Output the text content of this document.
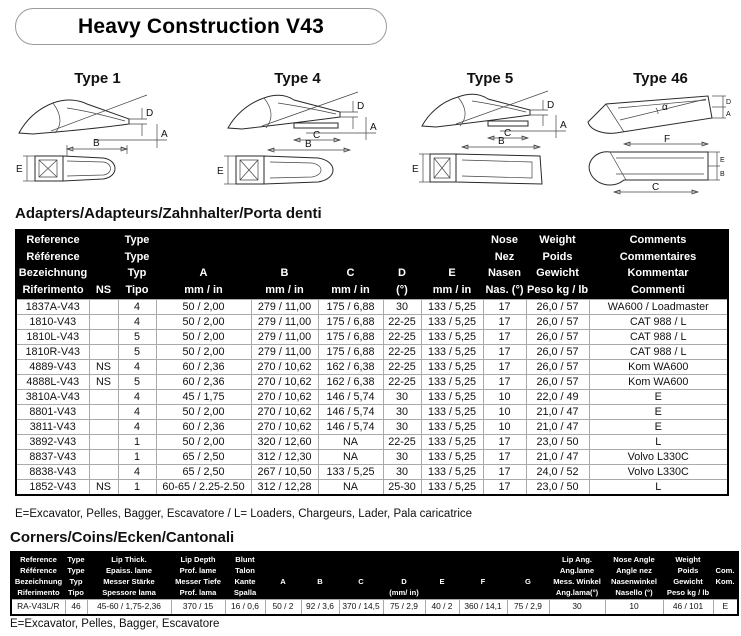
Heavy Construction V43
Type 1
D
A
B
E
Type 4
D
A
C
B
E
Type 5
D
A
C
B
E
Type 46
α	D
A
F
E
B
C
Adapters/Adapteurs/Zahnhalter/Porta denti
Reference
Référence
Bezeichnung
Riferimento	NS

Type
Type
Typ
Tipo

A
mm / in

B
mm / in

C
mm / in

D
(°)

E
mm / in

Nose
Nez
Nasen
Nas. (°)

Weight
Poids
Gewicht
Peso kg / lb

Comments
Commentaires
Kommentar
Commenti

1837A-V43		4	50 / 2,00	279 / 11,00	175 / 6,88	30	133 / 5,25	17	26,0 / 57	WA600 / Loadmaster
1810-V43		4	50 / 2,00	279 / 11,00	175 / 6,88	22-25	133 / 5,25	17	26,0 / 57	CAT 988 / L
1810L-V43		5	50 / 2,00	279 / 11,00	175 / 6,88	22-25	133 / 5,25	17	26,0 / 57	CAT 988 / L
1810R-V43		5	50 / 2,00	279 / 11,00	175 / 6,88	22-25	133 / 5,25	17	26,0 / 57	CAT 988 / L
4889-V43	NS	4	60 / 2,36	270 / 10,62	162 / 6,38	22-25	133 / 5,25	17	26,0 / 57	Kom WA600
4888L-V43	NS	5	60 / 2,36	270 / 10,62	162 / 6,38	22-25	133 / 5,25	17	26,0 / 57	Kom WA600
3810A-V43		4	45 / 1,75	270 / 10,62	146 / 5,74	30	133 / 5,25	10	22,0 / 49	E
8801-V43		4	50 / 2,00	270 / 10,62	146 / 5,74	30	133 / 5,25	10	21,0 / 47	E
3811-V43		4	60 / 2,36	270 / 10,62	146 / 5,74	30	133 / 5,25	10	21,0 / 47	E
3892-V43		1	50 / 2,00	320 / 12,60	NA	22-25	133 / 5,25	17	23,0 / 50	L
8837-V43		1	65 / 2,50	312 / 12,30	NA	30	133 / 5,25	17	21,0 / 47	Volvo L330C
8838-V43		4	65 / 2,50	267 / 10,50	133 / 5,25	30	133 / 5,25	17	24,0 / 52	Volvo L330C
1852-V43	NS	1	60-65 / 2.25-2.50	312 / 12,28	NA	25-30	133 / 5,25	17	23,0 / 50	L
E=Excavator, Pelles, Bagger, Escavatore / L= Loaders, Chargeurs, Lader, Pala caricatrice
Corners/Coins/Ecken/Cantonali
Reference
Référence
Bezeichnung
Riferimento

Type
Type
Typ
Tipo

Lip Thick.
Epaiss. lame
Messer Stärke
Spessore lama

Lip Depth
Prof. lame
Messer Tiefe
Prof. lama

Blunt
Talon
Kante
Spalla

A	B	C	D
(mm/ in)

E	F	G

Lip Ang.
Ang.lame
Mess. Winkel
Ang.lama(°)

Nose Angle
Angle nez
Nasenwinkel
Nasello (°)

Weight
Poids
Gewicht
Peso kg / lb

Com.
Kom.

RA-V43L/R	46	45-60 / 1,75-2,36	370 / 15	16 / 0,6	50 / 2	92 / 3,6	370 / 14,5	75 / 2,9	40 / 2	360 / 14,1	75 / 2,9	30	10	46 / 101	E
E=Excavator, Pelles, Bagger, Escavatore
